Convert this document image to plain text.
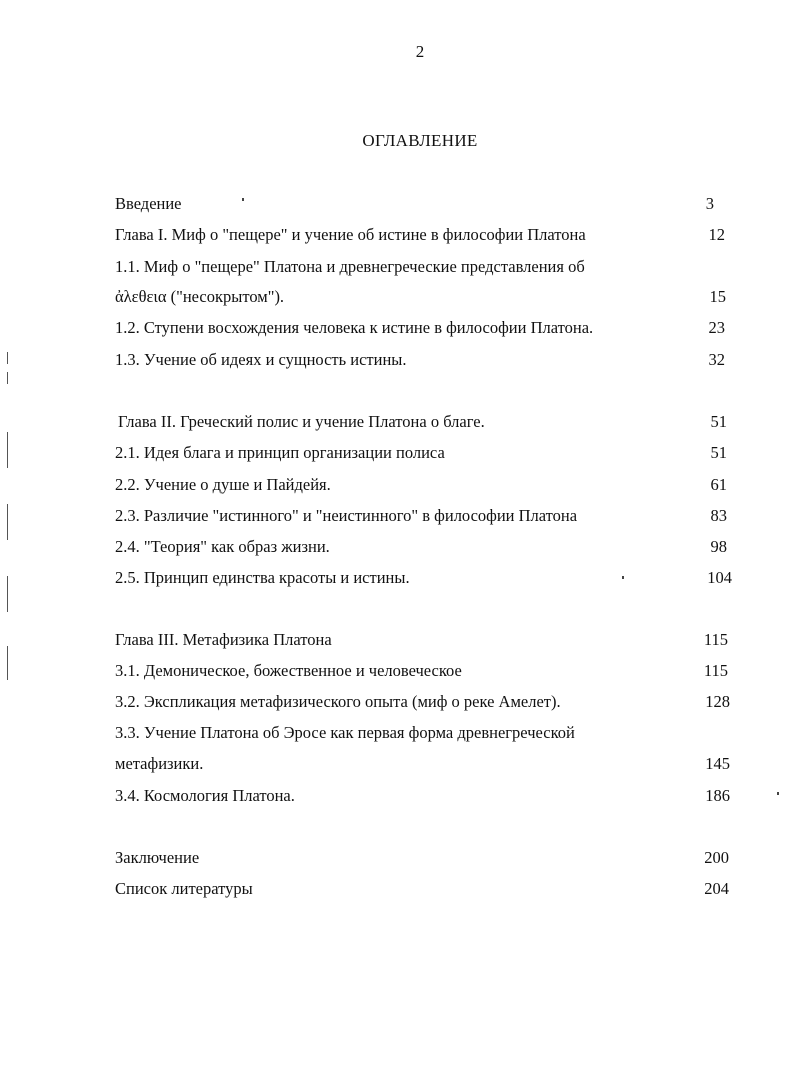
2
ОГЛАВЛЕНИЕ
Введение	3
Глава I. Миф о "пещере" и учение об истине в философии Платона	12
1.1. Миф о "пещере" Платона и древнегреческие представления об
ἀλεθεια ("несокрытом").	15
1.2. Ступени восхождения человека к истине в философии Платона.	23
1.3. Учение об идеях и сущность истины.	32
Глава II. Греческий полис и учение Платона о благе.	51
2.1. Идея блага и принцип организации полиса	51
2.2. Учение о душе и Пайдейя.	61
2.3. Различие "истинного" и "неистинного" в философии Платона	83
2.4. "Теория" как образ жизни.	98
2.5. Принцип единства красоты и истины.	104
Глава III. Метафизика Платона	115
3.1. Демоническое, божественное и человеческое	115
3.2. Экспликация метафизического опыта (миф о реке Амелет).	128
3.3. Учение Платона об Эросе как первая форма древнегреческой
метафизики.	145
3.4. Космология Платона.	186
Заключение	200
Список литературы	204
